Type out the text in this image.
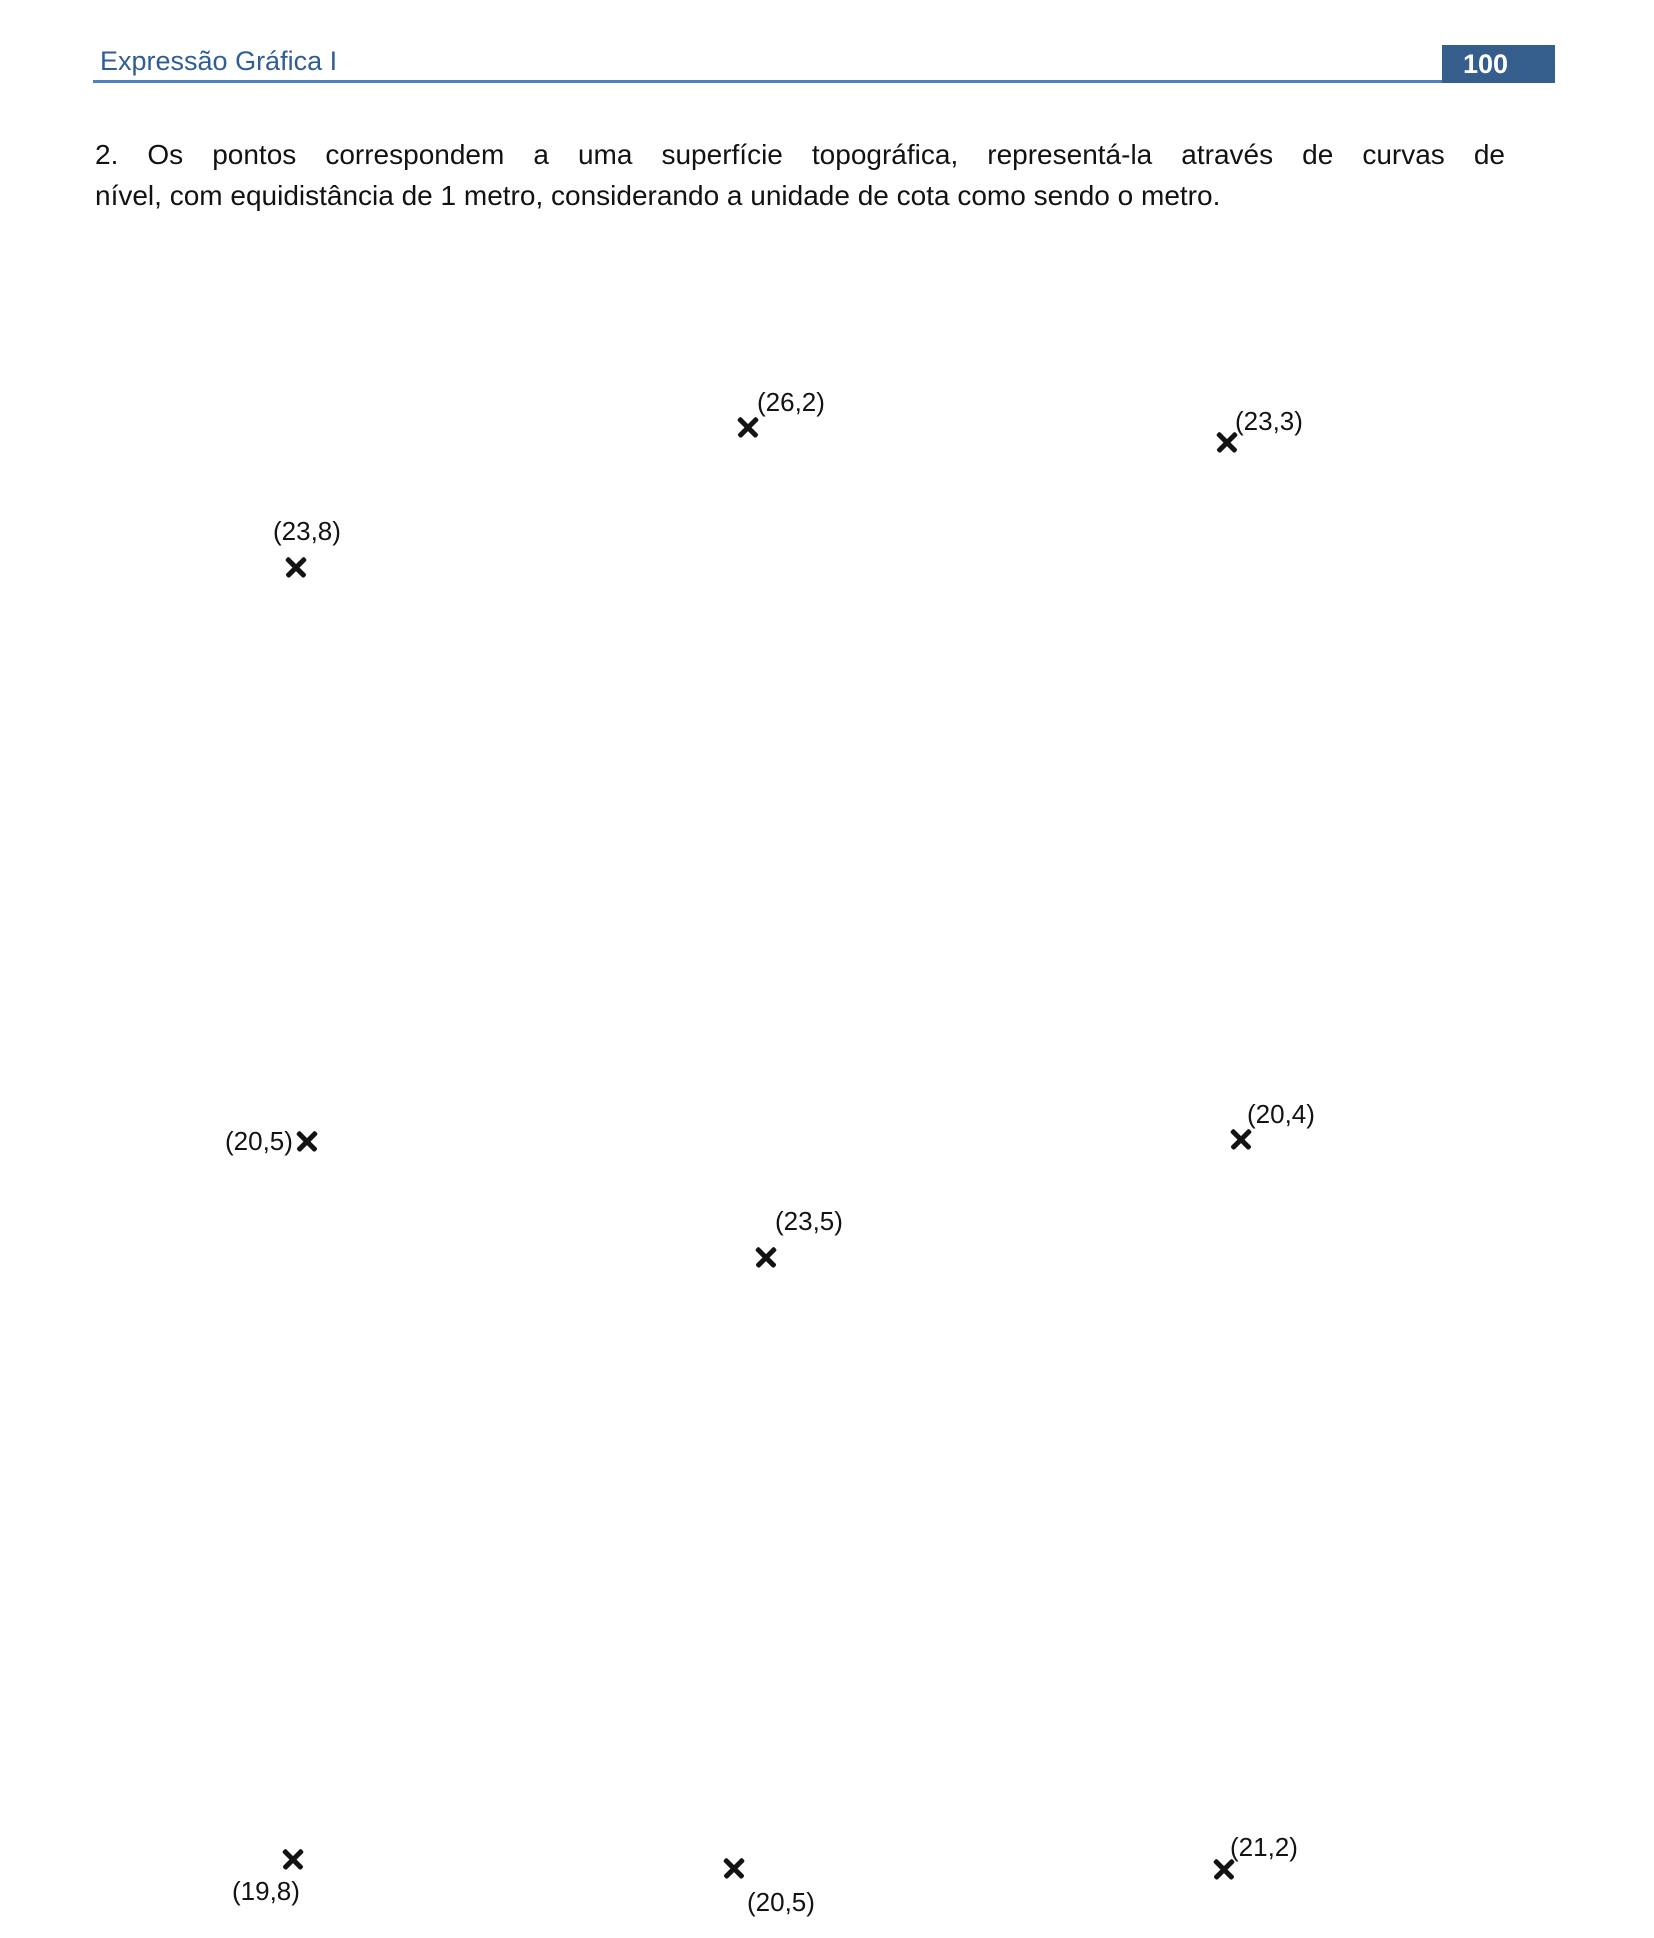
Expressão Gráfica I	100

2. Os pontos correspondem a uma superfície topográfica, representá-la através de curvas de

nível, com equidistância de 1 metro, considerando a unidade de cota como sendo o metro.

(26,2)
(23,3)
(23,8)
(20,5)
(20,4)
(23,5)
(19,8)	(20,5)
(21,2)
